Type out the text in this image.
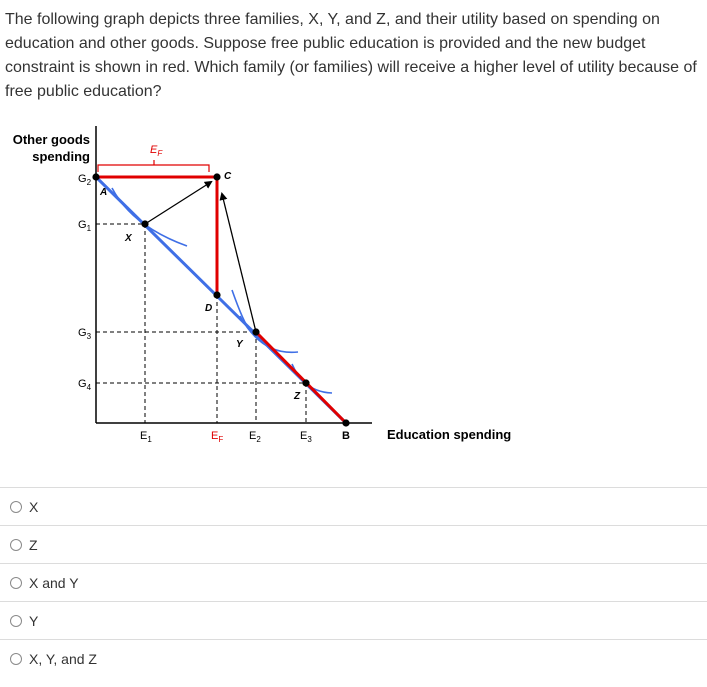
The following graph depicts three families, X, Y, and Z, and their utility based on spending on education and other goods. Suppose free public education is provided and the new budget constraint is shown in red. Which family (or families) will receive a higher level of utility because of free public education?

Other goods
spending
Education spending
$E_F$
A
C
X
D
Y
Z
$G_2$
$G_1$
$G_3$
$G_4$
$E_1$	$E_F$ $E_2$	$E_3$	B
X
Z
X and Y
Y
X, Y, and Z
